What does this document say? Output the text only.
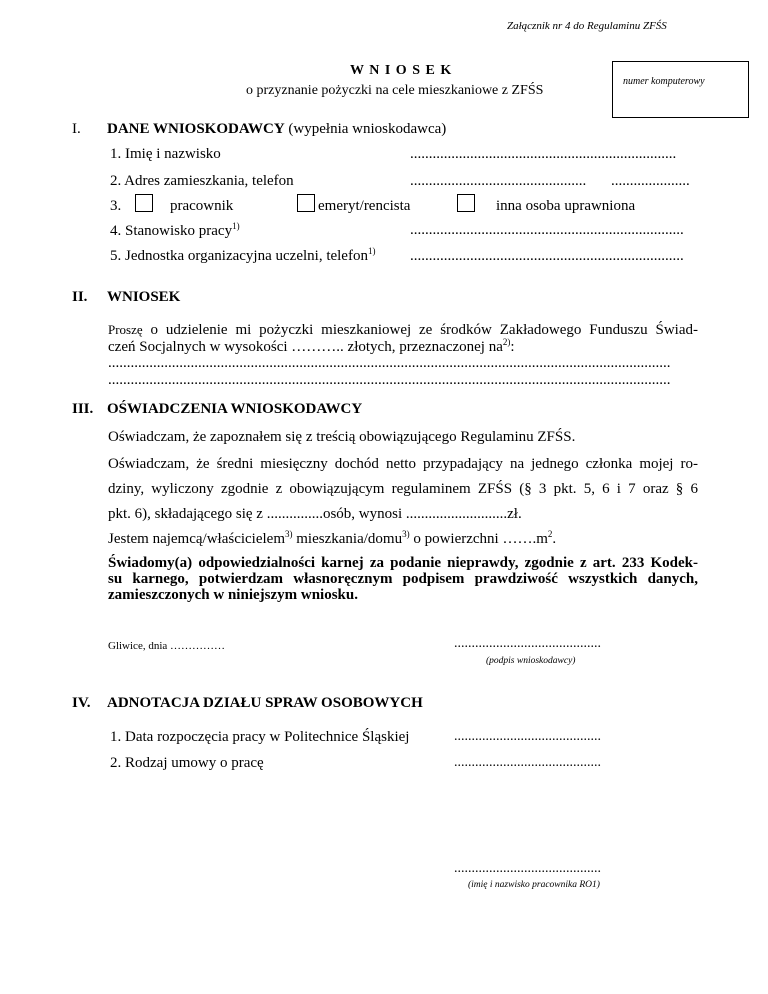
Załącznik nr 4 do Regulaminu ZFŚS
W N I O S E K
o przyznanie pożyczki na cele mieszkaniowe z ZFŚS
numer komputerowy
I. DANE WNIOSKODAWCY (wypełnia wnioskodawca)
1. Imię i nazwisko	.......................................................................
2. Adres zamieszkania, telefon	............................................... .....................
3.	pracownik	emeryt/rencista	inna osoba uprawniona
4. Stanowisko pracy$^{1)}$	.........................................................................
5. Jednostka organizacyjna uczelni, telefon$^{1)}$ .........................................................................
II. WNIOSEK
Proszę o udzielenie mi pożyczki mieszkaniowej ze środków Zakładowego Funduszu Świad-
czeń Socjalnych w wysokości ……….. złotych, przeznaczonej $na^{2)}$:
......................................................................................................................................................
......................................................................................................................................................
III. OŚWIADCZENIA WNIOSKODAWCY
Oświadczam, że zapoznałem się z treścią obowiązującego Regulaminu ZFŚS.
Oświadczam, że średni miesięczny dochód netto przypadający na jednego członka mojej ro-
dziny, wyliczony zgodnie z obowiązującym regulaminem ZFŚS (§ 3 pkt. 5, 6 i 7 oraz § 6
pkt. 6), składającego się z ...............osób, wynosi ...........................zł.
Jestem najemcą/właścicielem$^{3)}$ mieszkania/domu$^{3)}$ o powierzchni $\dots\dots.m^2$.
Świadomy(a) odpowiedzialności karnej za podanie nieprawdy, zgodnie z art. 233 Kodek-
su karnego, potwierdzam własnoręcznym podpisem prawdziwość wszystkich danych,
zamieszczonych w niniejszym wniosku.
Gliwice, dnia ……………	..........................................
(podpis wnioskodawcy)
IV. ADNOTACJA DZIAŁU SPRAW OSOBOWYCH
1. Data rozpoczęcia pracy w Politechnice Śląskiej	..........................................
2. Rodzaj umowy o pracę	..........................................
..........................................
(imię i nazwisko pracownika RO1)
